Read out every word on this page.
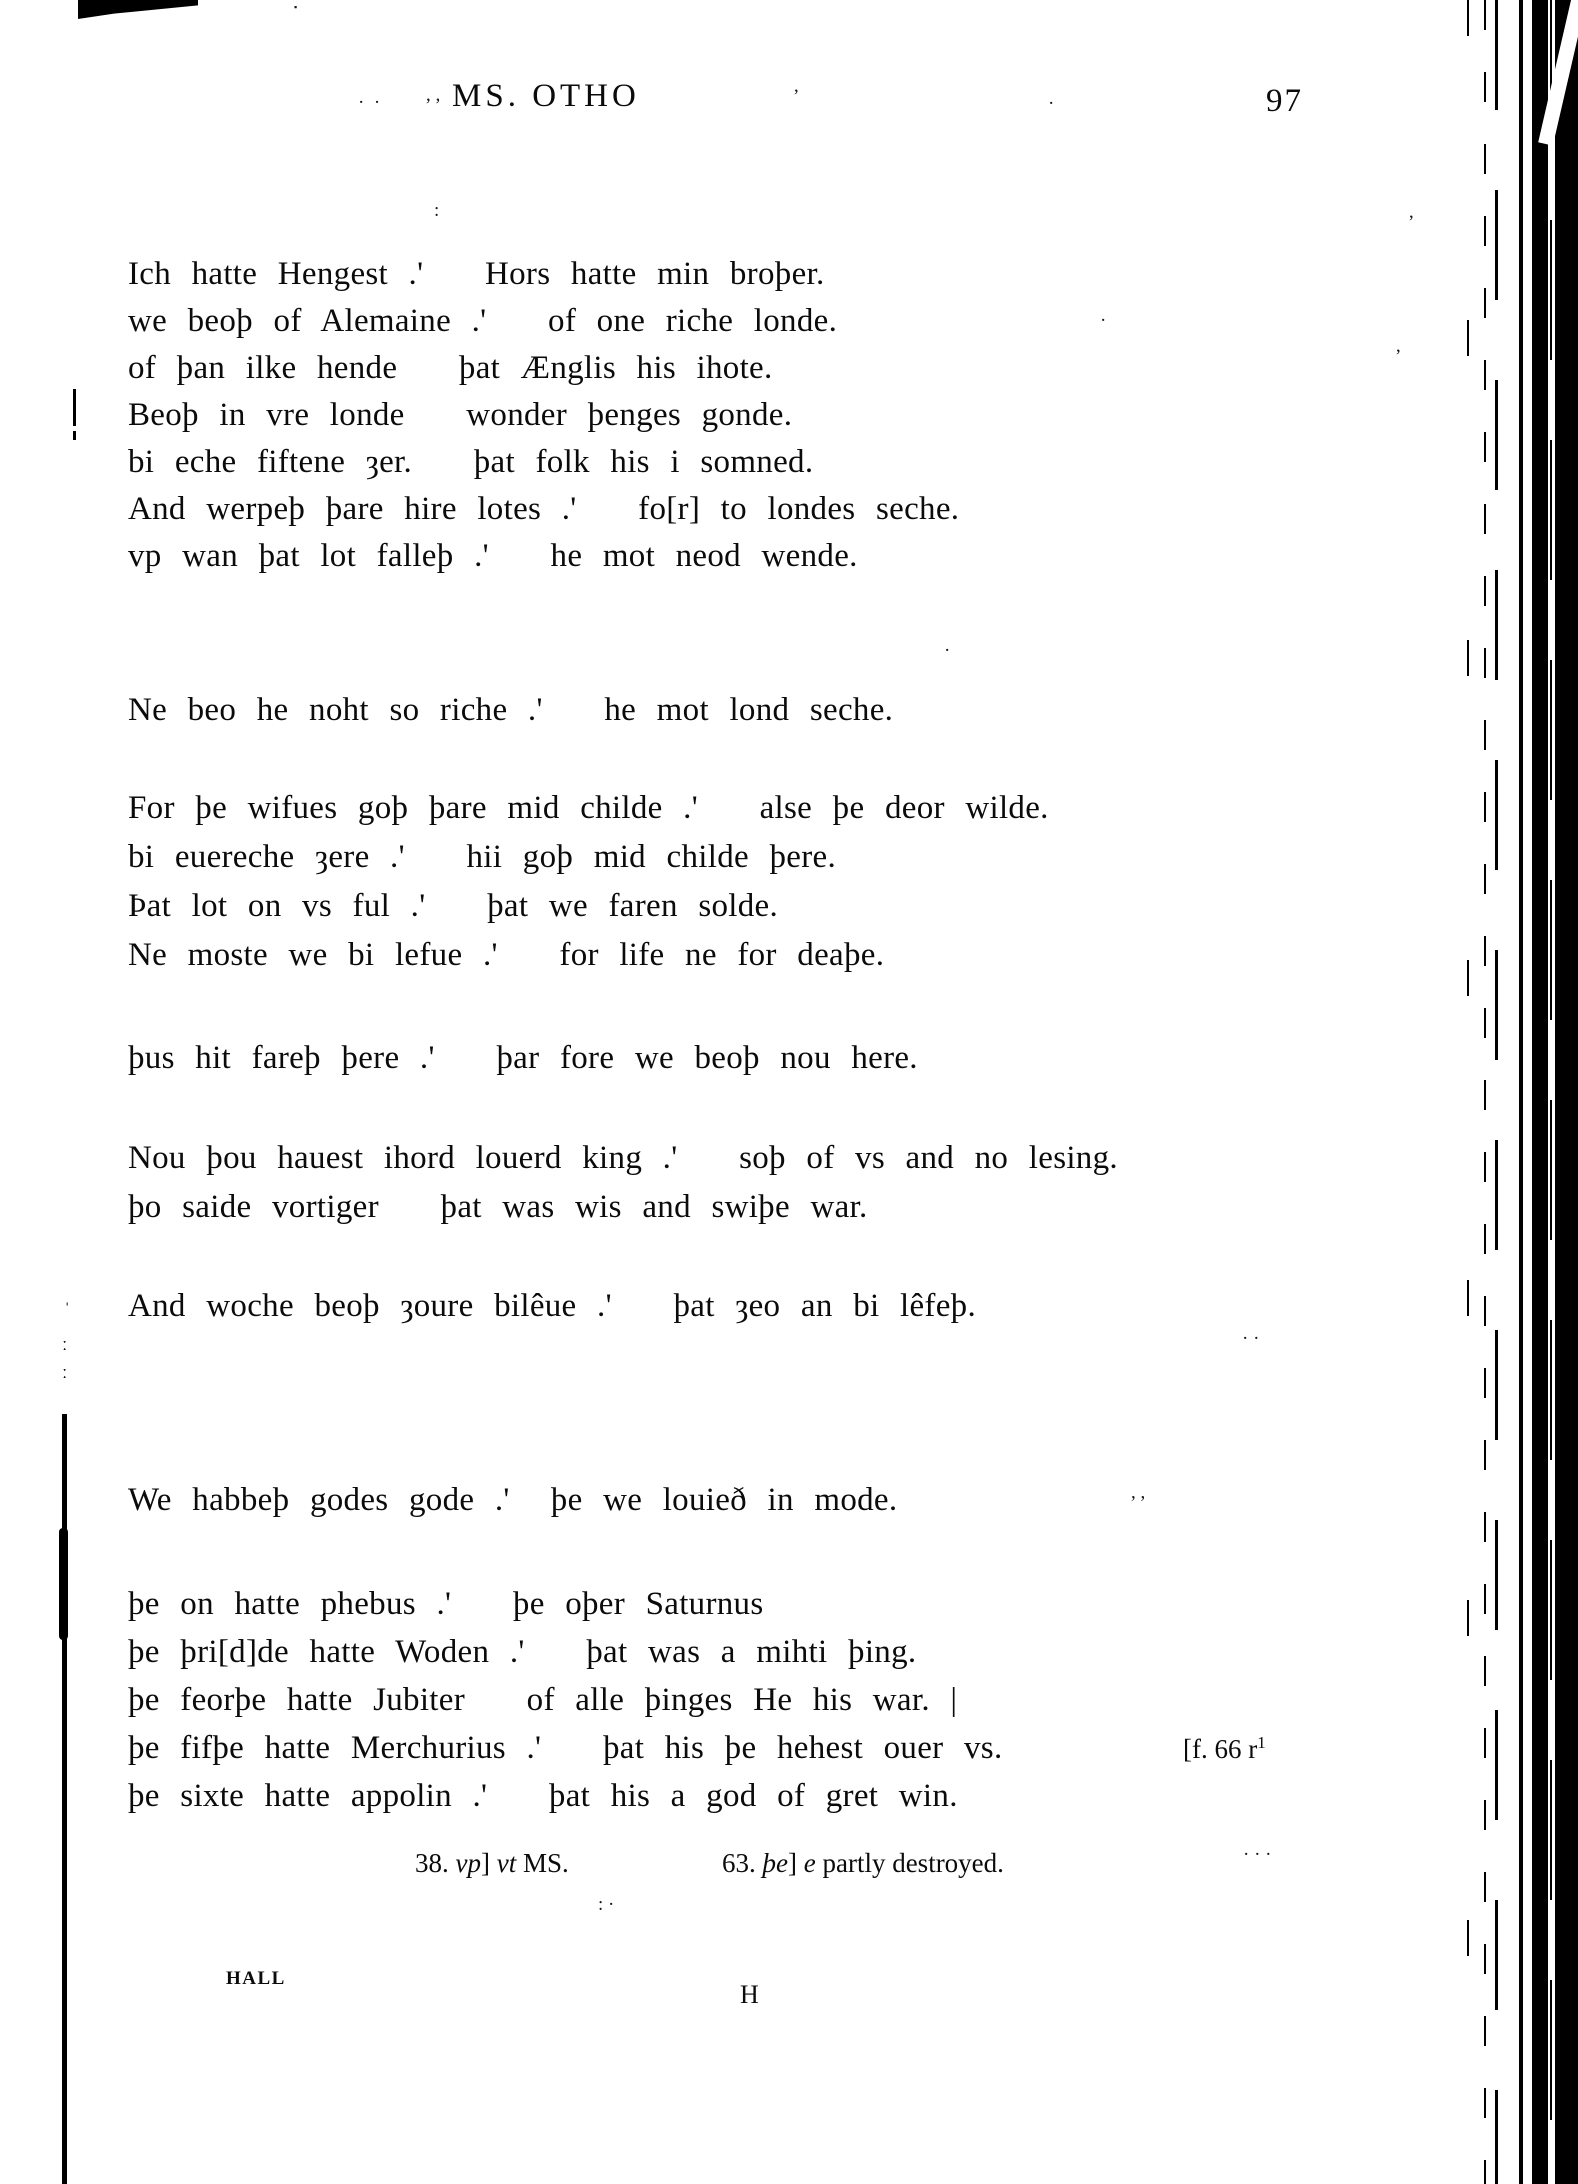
MS. OTHO	97
Ich hatte Hengest .'   Hors hatte min broþer.
we beoþ of Alemaine .'   of one riche londe.
of þan ilke hende   þat Ænglis his ihote.
Beoþ in vre londe   wonder þenges gonde.
bi eche fiftene ȝer.   þat folk his i somned.
And werpeþ þare hire lotes .'   fo[r] to londes seche.
vp wan þat lot falleþ .'   he mot neod wende.
Ne beo he noht so riche .'   he mot lond seche.
For þe wifues goþ þare mid childe .'   alse þe deor wilde.
bi euereche ȝere .'   hii goþ mid childe þere.
Þat lot on vs ful .'   þat we faren solde.
Ne moste we bi lefue .'   for life ne for deaþe.
þus hit fareþ þere .'   þar fore we beoþ nou here.
Nou þou hauest ihord louerd king .'   soþ of vs and no lesing.
þo saide vortiger   þat was wis and swiþe war.
And woche beoþ ȝoure bilêue .'   þat ȝeo an bi lêfeþ.
We habbeþ godes gode .'  þe we louieð in mode.
þe on hatte phebus .'   þe oþer Saturnus
þe þri[d]de hatte Woden .'   þat was a mihti þing.
þe feorþe hatte Jubiter   of alle þinges He his war. |
þe fifþe hatte Merchurius .'   þat his þe hehest ouer vs.
þe sixte hatte appolin .'   þat his a god of gret win.
[f. 66 $r^1$
38. vp] vt MS.	63. þe] e partly destroyed.
HALL
H
·  · ’ ’	’	·
:
’
·
’
·
· ·
, ,
ˈ
ː
ː
· · ·
: ·
▪
